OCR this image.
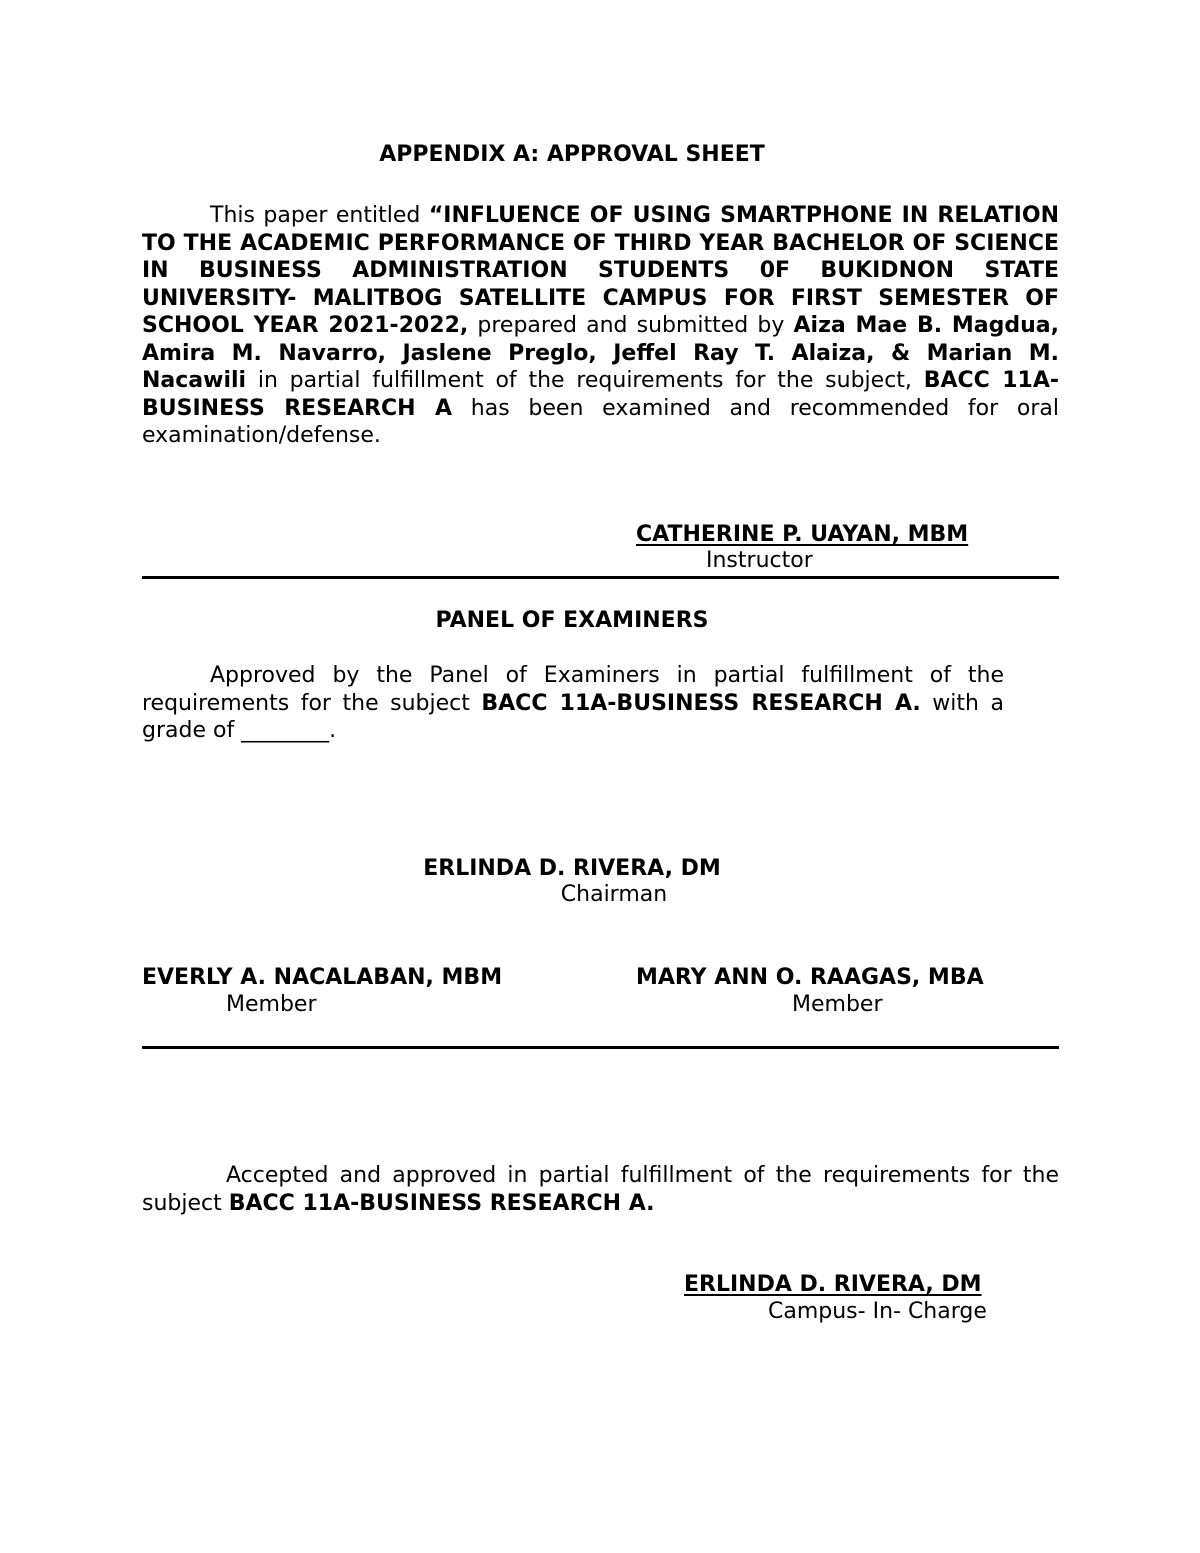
APPENDIX A: APPROVAL SHEET

This paper entitled “INFLUENCE OF USING SMARTPHONE IN RELATION TO THE ACADEMIC PERFORMANCE OF THIRD YEAR BACHELOR OF SCIENCE IN BUSINESS ADMINISTRATION STUDENTS 0F BUKIDNON STATE UNIVERSITY- MALITBOG SATELLITE CAMPUS FOR FIRST SEMESTER OF SCHOOL YEAR 2021-2022, prepared and submitted by Aiza Mae B. Magdua, Amira M. Navarro, Jaslene Preglo, Jeffel Ray T. Alaiza, & Marian M. Nacawili in partial fulfillment of the requirements for the subject, BACC 11A-BUSINESS RESEARCH A has been examined and recommended for oral examination/defense.

CATHERINE P. UAYAN, MBM
Instructor
PANEL OF EXAMINERS

Approved by the Panel of Examiners in partial fulfillment of the requirements for the subject BACC 11A-BUSINESS RESEARCH A. with a grade of ________.

ERLINDA D. RIVERA, DM
Chairman
EVERLY A. NACALABAN, MBM
Member
MARY ANN O. RAAGAS, MBA
Member

Accepted and approved in partial fulfillment of the requirements for the subject BACC 11A-BUSINESS RESEARCH A.

ERLINDA D. RIVERA, DM
Campus- In- Charge
